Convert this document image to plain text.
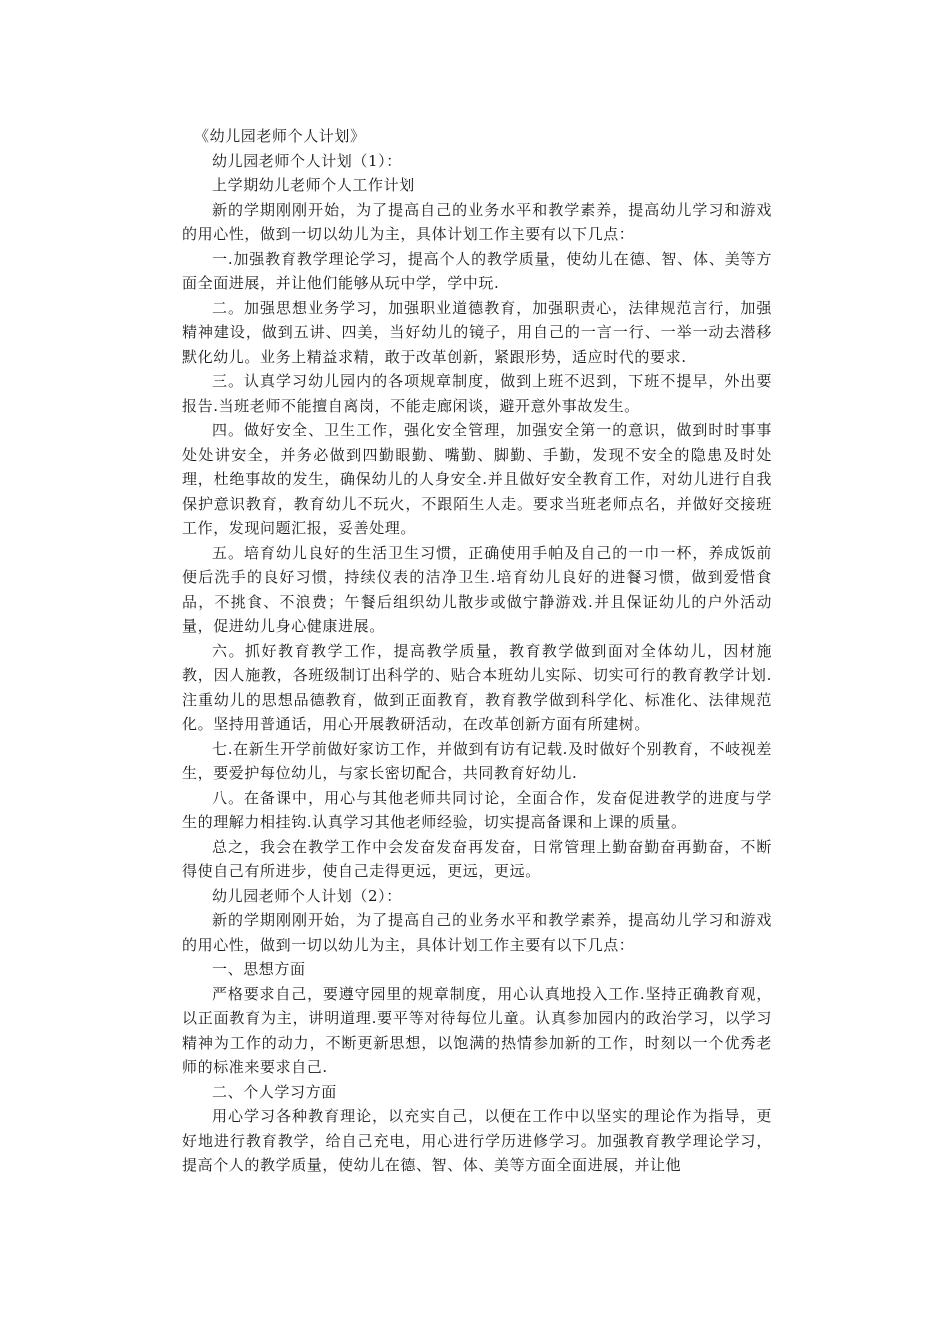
《幼儿园老师个人计划》

幼儿园老师个人计划（1）：

上学期幼儿老师个人工作计划

新的学期刚刚开始，为了提高自己的业务水平和教学素养，提高幼儿学习和游戏的用心性，做到一切以幼儿为主，具体计划工作主要有以下几点：

一.加强教育教学理论学习，提高个人的教学质量，使幼儿在德、智、体、美等方面全面进展，并让他们能够从玩中学，学中玩.

二。加强思想业务学习，加强职业道德教育，加强职责心，法律规范言行，加强精神建设，做到五讲、四美，当好幼儿的镜子，用自己的一言一行、一举一动去潜移默化幼儿。业务上精益求精，敢于改革创新，紧跟形势，适应时代的要求.

三。认真学习幼儿园内的各项规章制度，做到上班不迟到，下班不提早，外出要报告.当班老师不能擅自离岗，不能走廊闲谈，避开意外事故发生。

四。做好安全、卫生工作，强化安全管理，加强安全第一的意识，做到时时事事处处讲安全，并务必做到四勤眼勤、嘴勤、脚勤、手勤，发现不安全的隐患及时处理，杜绝事故的发生，确保幼儿的人身安全.并且做好安全教育工作，对幼儿进行自我保护意识教育，教育幼儿不玩火，不跟陌生人走。要求当班老师点名，并做好交接班工作，发现问题汇报，妥善处理。

五。培育幼儿良好的生活卫生习惯，正确使用手帕及自己的一巾一杯，养成饭前便后洗手的良好习惯，持续仪表的洁净卫生.培育幼儿良好的进餐习惯，做到爱惜食品，不挑食、不浪费；午餐后组织幼儿散步或做宁静游戏.并且保证幼儿的户外活动量，促进幼儿身心健康进展。

六。抓好教育教学工作，提高教学质量，教育教学做到面对全体幼儿，因材施教，因人施教，各班级制订出科学的、贴合本班幼儿实际、切实可行的教育教学计划.注重幼儿的思想品德教育，做到正面教育，教育教学做到科学化、标准化、法律规范化。坚持用普通话，用心开展教研活动，在改革创新方面有所建树。

七.在新生开学前做好家访工作，并做到有访有记载.及时做好个别教育，不岐视差生，要爱护每位幼儿，与家长密切配合，共同教育好幼儿.

八。在备课中，用心与其他老师共同讨论，全面合作，发奋促进教学的进度与学生的理解力相挂钩.认真学习其他老师经验，切实提高备课和上课的质量。

总之，我会在教学工作中会发奋发奋再发奋，日常管理上勤奋勤奋再勤奋，不断得使自己有所进步，使自己走得更远，更远，更远。

幼儿园老师个人计划（2）：

新的学期刚刚开始，为了提高自己的业务水平和教学素养，提高幼儿学习和游戏的用心性，做到一切以幼儿为主，具体计划工作主要有以下几点：

一、思想方面

严格要求自己，要遵守园里的规章制度，用心认真地投入工作.坚持正确教育观，以正面教育为主，讲明道理.要平等对待每位儿童。认真参加园内的政治学习，以学习精神为工作的动力，不断更新思想，以饱满的热情参加新的工作，时刻以一个优秀老师的标准来要求自己.

二、个人学习方面

用心学习各种教育理论，以充实自己，以便在工作中以坚实的理论作为指导，更好地进行教育教学，给自己充电，用心进行学历进修学习。加强教育教学理论学习，提高个人的教学质量，使幼儿在德、智、体、美等方面全面进展，并让他
